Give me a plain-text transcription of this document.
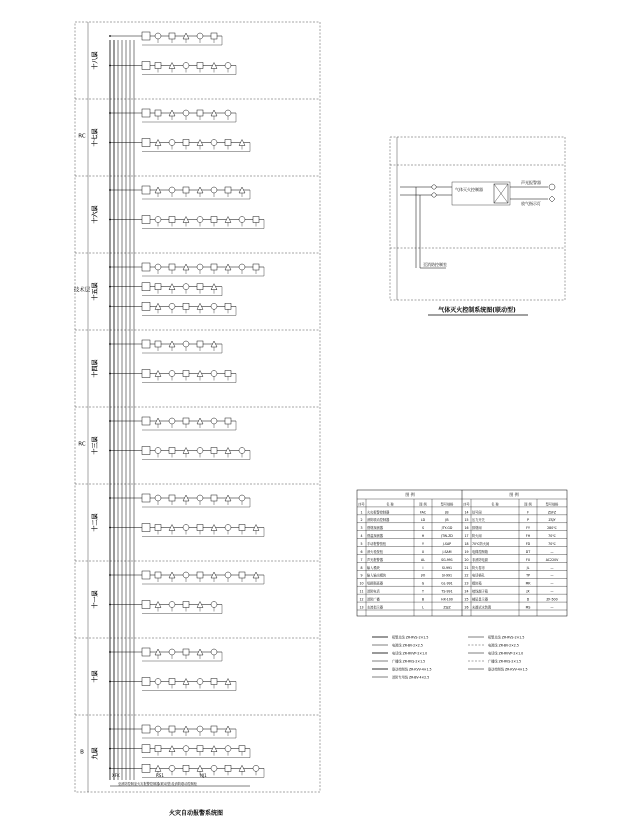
十八层
十七层
RC
十六层
十五层
技术层
十四层
十三层
RC
十二层
十一层
十层
九层
B
XFK	RS1	NJ1
至消防控制室火灾报警控制器(联动型)及消防联动控制柜
火灾自动报警系统图
气体灭火控制器
声光报警器
放气指示灯
至消防控制室
气体灭火控制系统图(联动型)
图 例	图 例
序号	名 称	图 例	型号规格
1 火灾报警控制器	FAC	JB
2 消防联动控制器	LD	JB
3 感烟探测器	S	JTY-GD
4 感温探测器	H	JTW-ZD
5 手动报警按钮	Y	J-SAP
6 消火栓按钮	X	J-SAM
7 声光报警器	AL	SG-991
8 输入模块	I	SI-991
9 输入输出模块	I/O	SI-991
10 短路隔离器	G	GL-991
11 消防电话	T	TS-991
12 消防广播	B	HX-100
13 水流指示器	L	ZSJZ
序号	名 称	图 例	型号规格
14 信号阀	F	ZSFZ
15 压力开关	P	ZSJY
16 排烟阀	FY	280℃
17 防火阀	FH	70℃
18 70℃防火阀	FD	70℃
19 电梯控制箱	DT	—
20 非消防电源	FX	AC220V
21 防火卷帘	JL	—
22 电话插孔	TP	—
23 模块箱	MK	—
24 接线端子箱	JX	—
25 楼层显示器	D	ZF-500
26 末端试水装置	MS	—
报警总线 ZR-RVS-2×1.5
电源线 ZR-BV-2×2.5
电话线 ZR-RVVP-2×1.0
广播线 ZR-RVS-2×1.5
联动控制线 ZR-KVV-4×1.5
消防专用线 ZR-BV-4×2.5
报警总线 ZR-RVS-2×1.5
电源线 ZR-BV-2×2.5
电话线 ZR-RVVP-2×1.0
广播线 ZR-RVS-2×1.5
联动控制线 ZR-KVV-4×1.5
